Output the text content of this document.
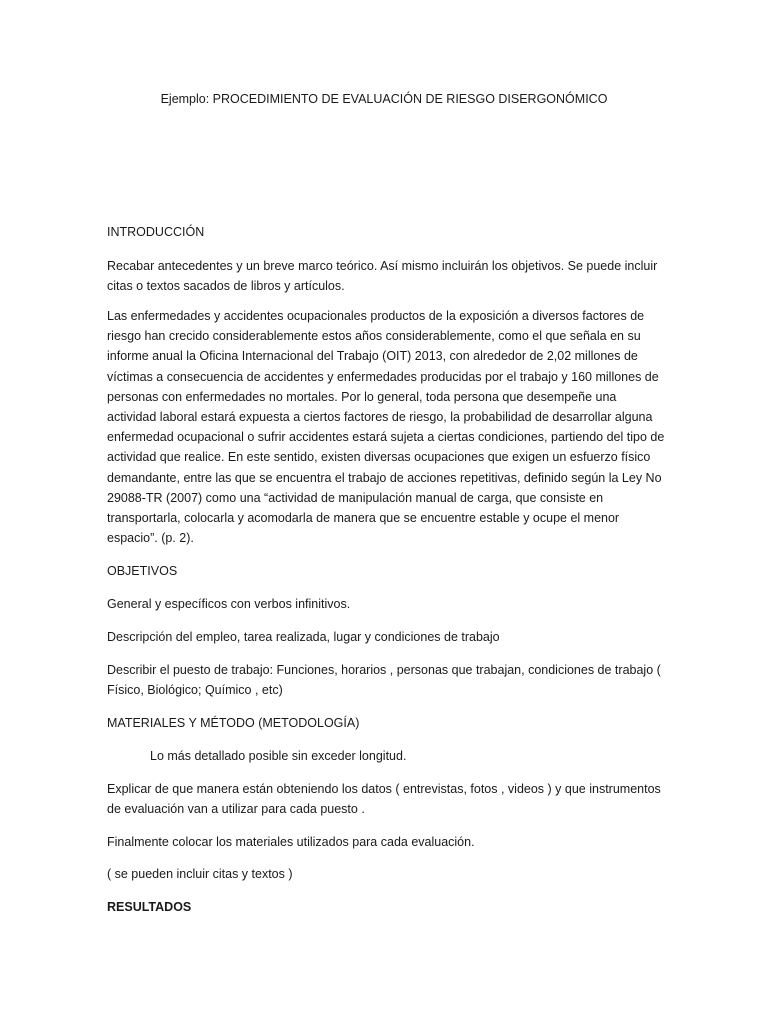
Ejemplo: PROCEDIMIENTO DE EVALUACIÓN DE RIESGO DISERGONÓMICO

INTRODUCCIÓN

Recabar antecedentes y un breve marco teórico. Así mismo incluirán los objetivos. Se puede incluir citas o textos sacados de libros y artículos.

Las enfermedades y accidentes ocupacionales productos de la exposición a diversos factores de riesgo han crecido considerablemente estos años considerablemente, como el que señala en su informe anual la Oficina Internacional del Trabajo (OIT) 2013, con alrededor de 2,02 millones de víctimas a consecuencia de accidentes y enfermedades producidas por el trabajo y 160 millones de personas con enfermedades no mortales. Por lo general, toda persona que desempeñe una actividad laboral estará expuesta a ciertos factores de riesgo, la probabilidad de desarrollar alguna enfermedad ocupacional o sufrir accidentes estará sujeta a ciertas condiciones, partiendo del tipo de actividad que realice. En este sentido, existen diversas ocupaciones que exigen un esfuerzo físico demandante, entre las que se encuentra el trabajo de acciones repetitivas, definido según la Ley No 29088-TR (2007) como una “actividad de manipulación manual de carga, que consiste en transportarla, colocarla y acomodarla de manera que se encuentre estable y ocupe el menor espacio”. (p. 2).

OBJETIVOS

General y específicos con verbos infinitivos.

Descripción del empleo, tarea realizada, lugar y condiciones de trabajo

Describir el puesto de trabajo: Funciones, horarios , personas que trabajan, condiciones de trabajo ( Físico, Biológico; Químico , etc)

MATERIALES Y MÉTODO (METODOLOGÍA)

Lo más detallado posible sin exceder longitud.

Explicar de que manera están obteniendo los datos ( entrevistas, fotos , videos ) y que instrumentos de evaluación van a utilizar para cada puesto .

Finalmente colocar los materiales utilizados para cada evaluación.

( se pueden incluir citas y textos )

RESULTADOS
